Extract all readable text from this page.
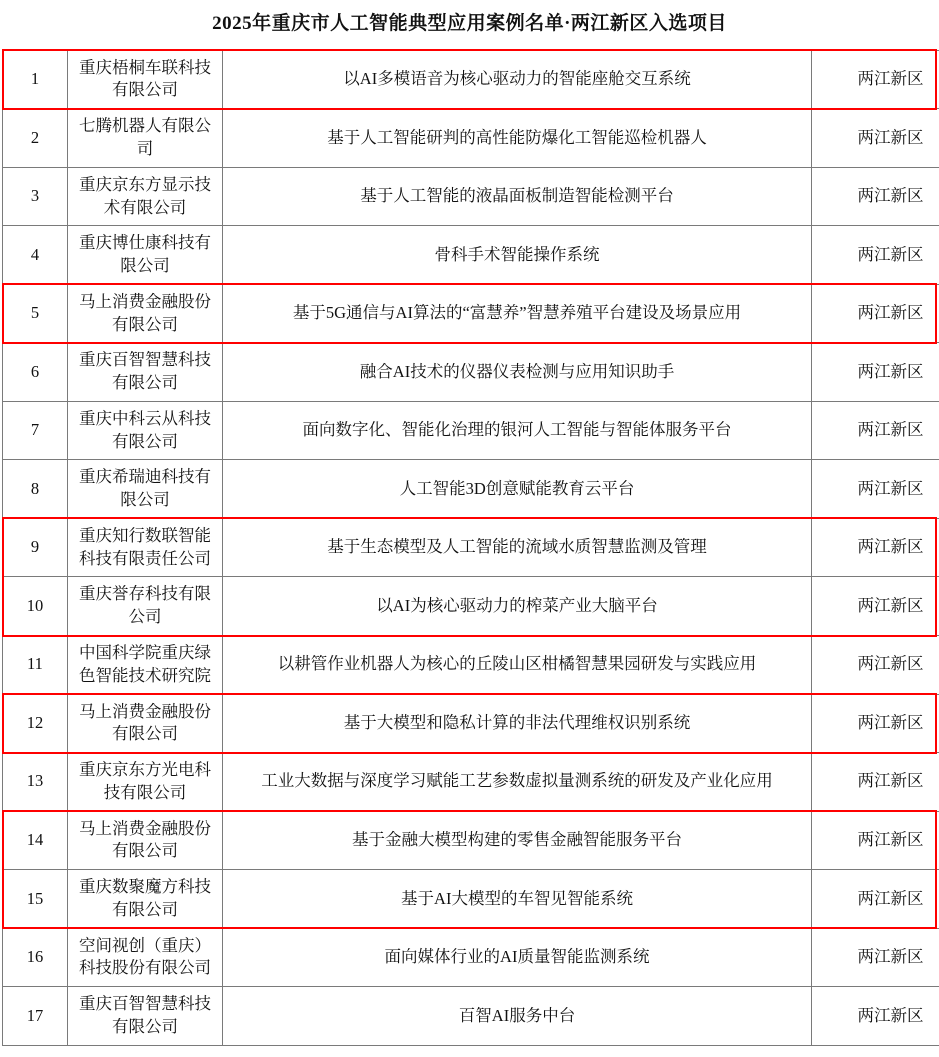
2025年重庆市人工智能典型应用案例名单·两江新区入选项目
1	重庆梧桐车联科技有限公司	以AI多模语音为核心驱动力的智能座舱交互系统	两江新区
2	七腾机器人有限公司	基于人工智能研判的高性能防爆化工智能巡检机器人	两江新区
3	重庆京东方显示技术有限公司	基于人工智能的液晶面板制造智能检测平台	两江新区
4	重庆博仕康科技有限公司	骨科手术智能操作系统	两江新区
5	马上消费金融股份有限公司	基于5G通信与AI算法的“富慧养”智慧养殖平台建设及场景应用	两江新区
6	重庆百智智慧科技有限公司	融合AI技术的仪器仪表检测与应用知识助手	两江新区
7	重庆中科云从科技有限公司	面向数字化、智能化治理的银河人工智能与智能体服务平台	两江新区
8	重庆希瑞迪科技有限公司	人工智能3D创意赋能教育云平台	两江新区
9	重庆知行数联智能科技有限责任公司	基于生态模型及人工智能的流域水质智慧监测及管理	两江新区
10	重庆誉存科技有限公司	以AI为核心驱动力的榨菜产业大脑平台	两江新区
11	中国科学院重庆绿色智能技术研究院	以耕管作业机器人为核心的丘陵山区柑橘智慧果园研发与实践应用	两江新区
12	马上消费金融股份有限公司	基于大模型和隐私计算的非法代理维权识别系统	两江新区
13	重庆京东方光电科技有限公司	工业大数据与深度学习赋能工艺参数虚拟量测系统的研发及产业化应用	两江新区
14	马上消费金融股份有限公司	基于金融大模型构建的零售金融智能服务平台	两江新区
15	重庆数聚魔方科技有限公司	基于AI大模型的车智见智能系统	两江新区
16	空间视创（重庆）科技股份有限公司	面向媒体行业的AI质量智能监测系统	两江新区
17	重庆百智智慧科技有限公司	百智AI服务中台	两江新区
